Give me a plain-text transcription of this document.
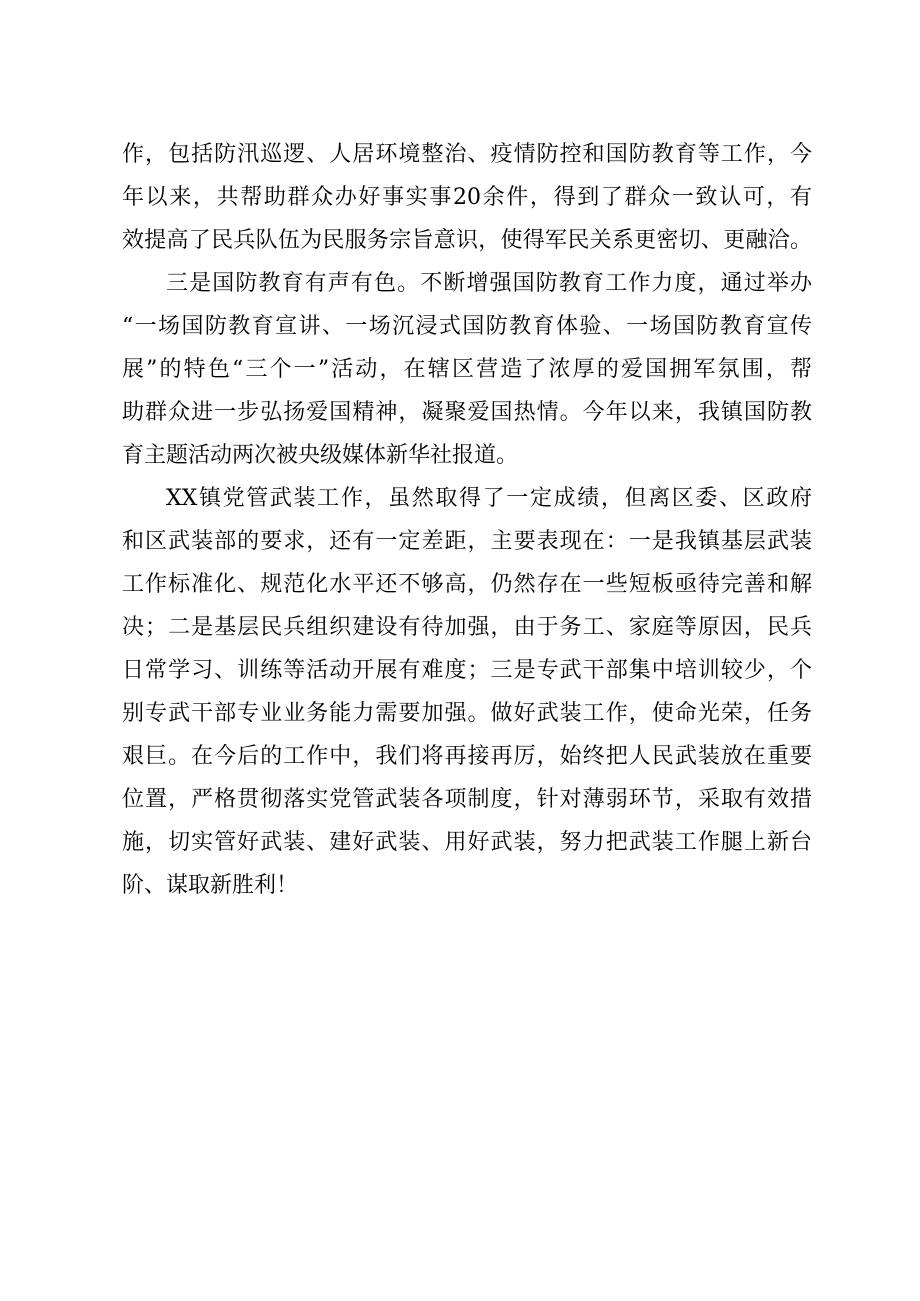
作，包括防汛巡逻、人居环境整治、疫情防控和国防教育等工作，今
年以来，共帮助群众办好事实事20余件，得到了群众一致认可，有
效提高了民兵队伍为民服务宗旨意识，使得军民关系更密切、更融洽。
三是国防教育有声有色。不断增强国防教育工作力度，通过举办
“一场国防教育宣讲、一场沉浸式国防教育体验、一场国防教育宣传
展”的特色“三个一”活动，在辖区营造了浓厚的爱国拥军氛围，帮
助群众进一步弘扬爱国精神，凝聚爱国热情。今年以来，我镇国防教
育主题活动两次被央级媒体新华社报道。
XX镇党管武装工作，虽然取得了一定成绩，但离区委、区政府
和区武装部的要求，还有一定差距，主要表现在：一是我镇基层武装
工作标准化、规范化水平还不够高，仍然存在一些短板亟待完善和解
决；二是基层民兵组织建设有待加强，由于务工、家庭等原因，民兵
日常学习、训练等活动开展有难度；三是专武干部集中培训较少，个
别专武干部专业业务能力需要加强。做好武装工作，使命光荣，任务
艰巨。在今后的工作中，我们将再接再厉，始终把人民武装放在重要
位置，严格贯彻落实党管武装各项制度，针对薄弱环节，采取有效措
施，切实管好武装、建好武装、用好武装，努力把武装工作腿上新台
阶、谋取新胜利！
